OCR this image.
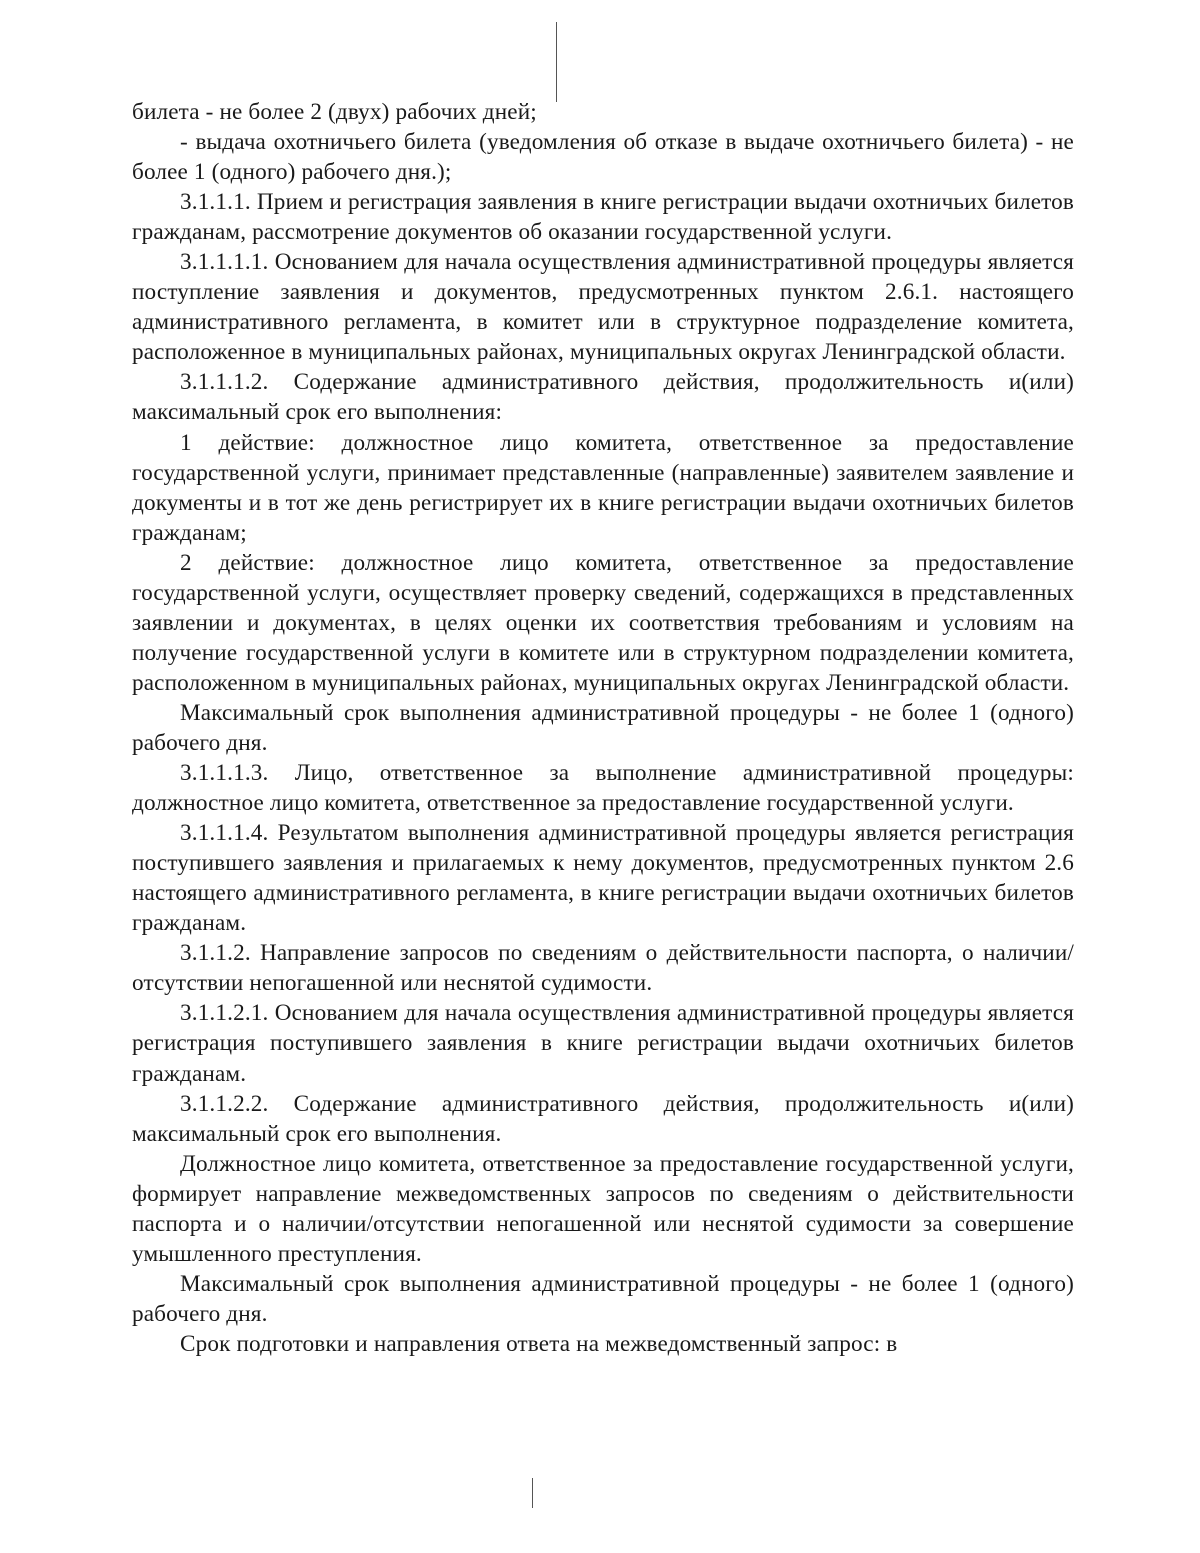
билета - не более 2 (двух) рабочих дней;

- выдача охотничьего билета (уведомления об отказе в выдаче охотничьего билета) - не более 1 (одного) рабочего дня.);

3.1.1.1. Прием и регистрация заявления в книге регистрации выдачи охотничьих билетов гражданам, рассмотрение документов об оказании государственной услуги.

3.1.1.1.1. Основанием для начала осуществления административной процедуры является поступление заявления и документов, предусмотренных пунктом 2.6.1. настоящего административного регламента, в комитет или в структурное подразделение комитета, расположенное в муниципальных районах, муниципальных округах Ленинградской области.

3.1.1.1.2. Содержание административного действия, продолжительность и(или) максимальный срок его выполнения:

1 действие: должностное лицо комитета, ответственное за предоставление государственной услуги, принимает представленные (направленные) заявителем заявление и документы и в тот же день регистрирует их в книге регистрации выдачи охотничьих билетов гражданам;

2 действие: должностное лицо комитета, ответственное за предоставление государственной услуги, осуществляет проверку сведений, содержащихся в представленных заявлении и документах, в целях оценки их соответствия требованиям и условиям на получение государственной услуги в комитете или в структурном подразделении комитета, расположенном в муниципальных районах, муниципальных округах Ленинградской области.

Максимальный срок выполнения административной процедуры - не более 1 (одного) рабочего дня.

3.1.1.1.3. Лицо, ответственное за выполнение административной процедуры: должностное лицо комитета, ответственное за предоставление государственной услуги.

3.1.1.1.4. Результатом выполнения административной процедуры является регистрация поступившего заявления и прилагаемых к нему документов, предусмотренных пунктом 2.6 настоящего административного регламента, в книге регистрации выдачи охотничьих билетов гражданам.

3.1.1.2. Направление запросов по сведениям о действительности паспорта, о наличии/отсутствии непогашенной или неснятой судимости.

3.1.1.2.1. Основанием для начала осуществления административной процедуры является регистрация поступившего заявления в книге регистрации выдачи охотничьих билетов гражданам.

3.1.1.2.2. Содержание административного действия, продолжительность и(или) максимальный срок его выполнения.

Должностное лицо комитета, ответственное за предоставление государственной услуги, формирует направление межведомственных запросов по сведениям о действительности паспорта и о наличии/отсутствии непогашенной или неснятой судимости за совершение умышленного преступления.

Максимальный срок выполнения административной процедуры - не более 1 (одного) рабочего дня.

Срок подготовки и направления ответа на межведомственный запрос: в
